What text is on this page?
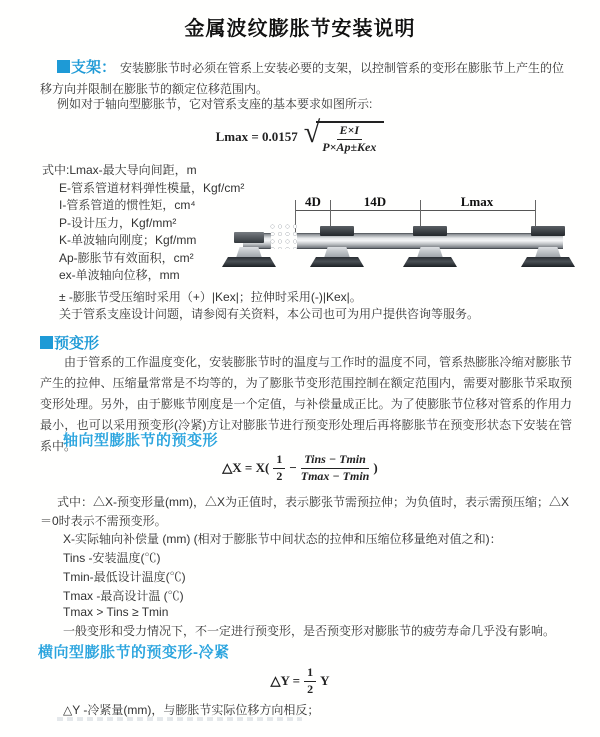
金属波纹膨胀节安装说明

支架： 安装膨胀节时必须在管系上安装必要的支架，以控制管系的变形在膨胀节上产生的位移方向并限制在膨胀节的额定位移范围内。

例如对于轴向型膨胀节，它对管系支座的基本要求如图所示:

Lmax = 0.0157 √
$\frac{E\times I}{\text{P×Ap±Kex}}$
式中:Lmax-最大导向间距，m
E-管系管道材料弹性模量，Kgf/cm²
I-管系管道的惯性矩，cm⁴
P-设计压力，Kgf/mm²
K-单波轴向刚度；Kgf/mm
Ap-膨胀节有效面积，cm²
ex-单波轴向位移，mm
± -膨胀节受压缩时采用（+）|Kex|；拉伸时采用(-)|Kex|。
关于管系支座设计问题，请参阅有关资料，本公司也可为用户提供咨询等服务。
4D	14D	Lmax
预变形

由于管系的工作温度变化，安装膨胀节时的温度与工作时的温度不同，管系热膨胀冷缩对膨胀节产生的拉伸、压缩量常常是不均等的，为了膨胀节变形范围控制在额定范围内，需要对膨胀节采取预变形处理。另外，由于膨账节刚度是一个定值，与补偿量成正比。为了使膨胀节位移对管系的作用力最小，也可以采用预变形(冷紧)方让对膨胀节进行预变形处理后再将膨胀节在预变形状态下安装在管系中。

轴向型膨胀节的预变形
△X = $X( \frac{1}{2} - \frac{\text{Tins − Tmin}}{Tmax - Tmin}$ )

式中：△X-预变形量(mm)，△X为正值时，表示膨张节需预拉伸；为负值时，表示需预压缩；△X＝0时表示不需预变形。

X-实际轴向补偿量 (mm) (相对于膨胀节中间状态的拉伸和压缩位移量绝对值之和)：
Tins -安装温度(℃)
Tmin-最低设计温度(℃)
Tmax -最高设计温 (℃)
Tmax > Tins ≥ Tmin
一般变形和受力情况下，不一定进行预变形，是否预变形对膨胀节的疲劳寿命几乎没有影响。
横向型膨胀节的预变形-冷紧
△Y = $\frac{1}{2}$ Y
△Y -冷紧量(mm)，与膨胀节实际位移方向相反；
